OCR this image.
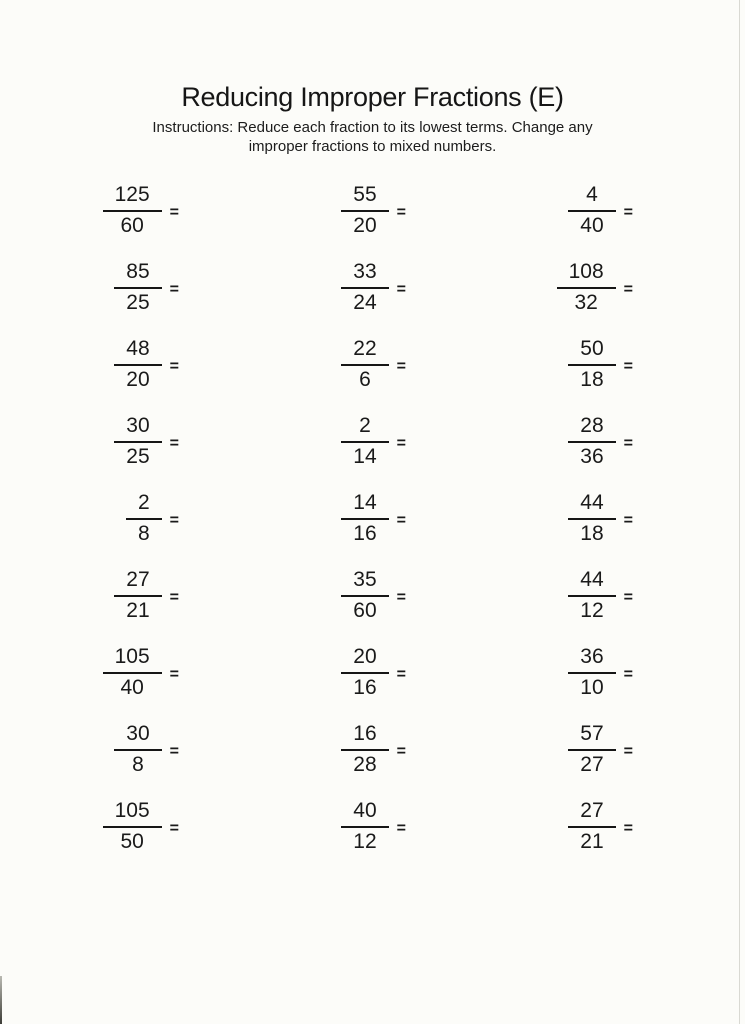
Reducing Improper Fractions (E)
Instructions: Reduce each fraction to its lowest terms. Change any
improper fractions to mixed numbers.
$\frac{125}{60}$ =	$\frac{55}{20}$ =	$\frac{4}{40}$ =
$\frac{85}{25}$ =	$\frac{33}{24}$ =	$\frac{108}{32}$ =
$\frac{48}{20}$ =	$\frac{22}{6}$ =	$\frac{50}{18}$ =
$\frac{30}{25}$ =	$\frac{2}{14}$ =	$\frac{28}{36}$ =
$\frac{2}{8}$ =	$\frac{14}{16}$ =	$\frac{44}{18}$ =
$\frac{27}{21}$ =	$\frac{35}{60}$ =	$\frac{44}{12}$ =
$\frac{105}{40}$ =	$\frac{20}{16}$ =	$\frac{36}{10}$ =
$\frac{30}{8}$ =	$\frac{16}{28}$ =	$\frac{57}{27}$ =
$\frac{105}{50}$ =	$\frac{40}{12}$ =	$\frac{27}{21}$ =
